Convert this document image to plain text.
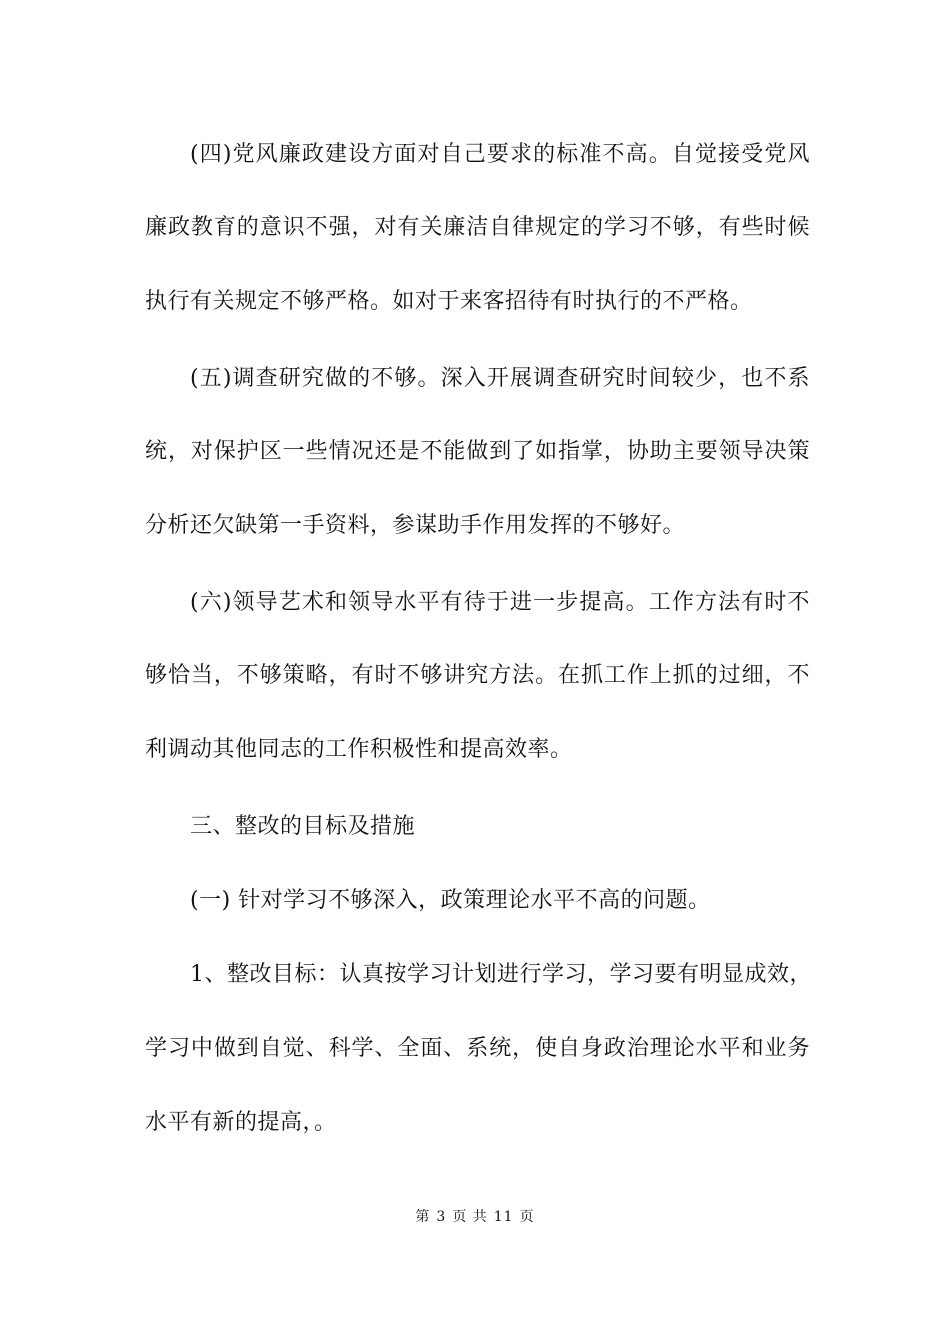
(四)党风廉政建设方面对自己要求的标准不高。自觉接受党风
廉政教育的意识不强，对有关廉洁自律规定的学习不够，有些时候
执行有关规定不够严格。如对于来客招待有时执行的不严格。
(五)调查研究做的不够。深入开展调查研究时间较少，也不系
统，对保护区一些情况还是不能做到了如指掌，协助主要领导决策
分析还欠缺第一手资料，参谋助手作用发挥的不够好。
(六)领导艺术和领导水平有待于进一步提高。工作方法有时不
够恰当，不够策略，有时不够讲究方法。在抓工作上抓的过细，不
利调动其他同志的工作积极性和提高效率。
三、整改的目标及措施
(一) 针对学习不够深入，政策理论水平不高的问题。
1、整改目标：认真按学习计划进行学习，学习要有明显成效，
学习中做到自觉、科学、全面、系统，使自身政治理论水平和业务
水平有新的提高，。
第 3 页 共 11 页
